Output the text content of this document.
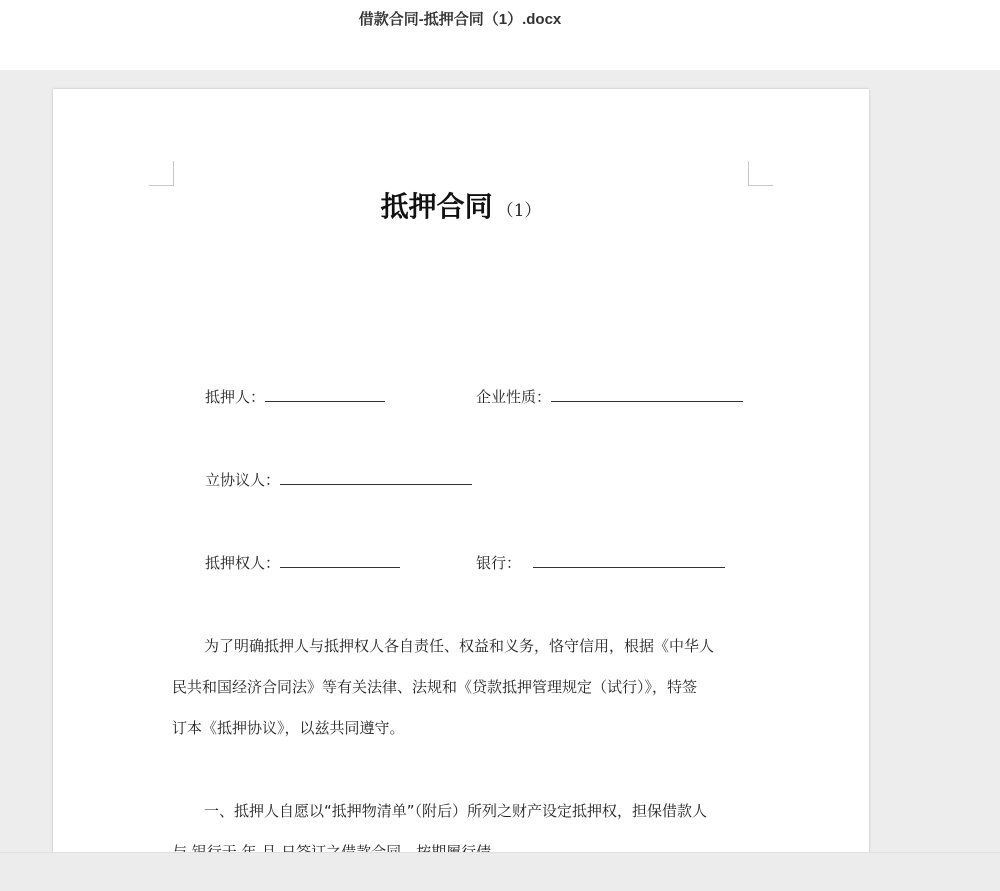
借款合同-抵押合同（1）.docx
抵押合同 （1）
抵押人：	企业性质：
立协议人：
抵押权人：	银行：
为了明确抵押人与抵押权人各自责任、权益和义务，恪守信用，根据《中华人
民共和国经济合同法》等有关法律、法规和《贷款抵押管理规定（试行）》，特签
订本《抵押协议》，以兹共同遵守。
一、抵押人自愿以“抵押物清单”（附后）所列之财产设定抵押权，担保借款人
